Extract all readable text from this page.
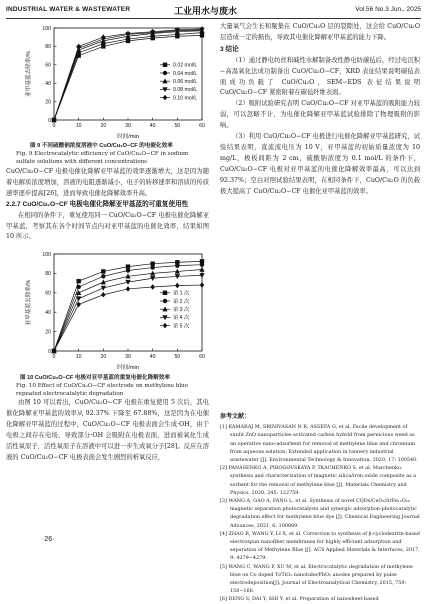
INDUSTRIAL WATER & WASTEWATER	工业用水与废水	Vol.56 No.3 Jun., 2025
0	10	20	30	40	50	60
0
20
40
60
80
100
时间/min
亚甲基蓝去除率/%	0.02 mol/L
0.04 mol/L
0.06 mol/L
0.08 mol/L
0.10 mol/L
图 9 不同硫酸钠浓度溶液中 CuO/Cu₂O−CF 的电催化效率
Fig. 9 Electrocatalytic efficiency of CuO/Cu₂O−CF in sodium sulfate solutions with different concentrations

CuO/Cu₂O−CF 电极电催化降解亚甲基蓝的效率逐渐增大，这是因为随着电解质浓度增加，溶液的电阻逐渐减小，电子的转移速率和溶质的传质速率逐步提高[26]，进而导致电催化降解效率升高。

2.2.7 CuO/Cu₂O−CF 电极电催化降解亚甲基蓝的可重复使用性

在相同的条件下，重复使用同一 CuO/Cu₂O−CF 电极电催化降解亚甲基蓝，考察其在各个时间节点内对亚甲基蓝的电催化效率，结果如图 10 所示。

0	10	20	30	40	50	60
0
20
40
60
80
100
时间/min
亚甲基蓝去除率/%	第 1 次
第 2 次
第 3 次
第 4 次
第 5 次
图 10 CuO/Cu₂O−CF 电极对亚甲基蓝的重复电催化降解效率
Fig. 10 Effect of CuO/Cu₂O−CF electrode on methylene blue repeated electrocatalytic degradation

由图 10 可以看出，CuO/Cu₂O−CF 电极在重复使用 5 次后，其电催化降解亚甲基蓝的效率从 92.37% 下降至 67.88%，这是因为在电催化降解亚甲基蓝的过程中，CuO/Cu₂O−CF 电极表面会生成·OH，由于电极之间存在电场，导致部分·OH 会吸附在电极表面，进而被氧化生成活性氧原子，活性氧原子在溶液中可以进一步生成氧分子[28]。反应在溶液的 CuO/Cu₂O−CF 电极表面会发生剧烈的析氧反应，

大量氧气会生长和聚集在 CuO/Cu₂O 层的裂隙处，这会给 CuO/Cu₂O 层造成一定的损伤，导致其电催化降解亚甲基蓝的能力下降。

3 结论

（1）通过静电纺丝和碱性水解制备改性静电纺碳毡后，经过电沉积−高温氧化法成功制备出 CuO/Cu₂O−CF，XRD 表征结果说明碳毡表面成功负载了 CuO/Cu₂O，SEM−EDS 表征结果说明 CuO/Cu₂O−CF 紧密附着在碳毡纤维表面。

（2）吸附试验研究表明 CuO/Cu₂O−CF 对亚甲基蓝的吸附能力较弱，可以忽略不计，为电催化降解亚甲基蓝试验排除了物理吸附的影响。

（3）利用 CuO/Cu₂O−CF 电极进行电催化降解亚甲基蓝研究，试验结果表明，直流流电压为 10 V，亚甲基蓝的初始质量浓度为 10 mg/L，极板间距为 2 cm，硫酸钠浓度为 0.1 mol/L 的条件下，CuO/Cu₂O−CF 电极对亚甲基蓝的电催化降解效率最高，可以达到 92.37%；空白对照试验结果表明，在相同条件下，CuO/Cu₂O 的负载极大提高了 CuO/Cu₂O−CF 电催化亚甲基蓝的效率。

参考文献：
[1] KAMARAJ M, SRINIVASAN N R, ASSEFA G, et al. Facile development of sunlit ZnO nanoparticles-activated carbon hybrid from pernicious weed as an operative nano-adsorbent for removal of methylene blue and chromium from aqueous solution; Extended application in tannery industrial wastewater [J]. Environmental Technology & Innovation, 2020, 17: 100540.
[2] PANASENKO A, PIROGOVSKAYA P, TKACHENKO S, et al. Marchenko, synthesis and characterization of magnetic silica/iron oxide composite as a sorbent for the removal of methylene blue [J]. Materials Chemistry and Physics, 2020, 245: 122759.
[3] WANG A, GAO A, FANG L, et al. Synthesis of novel CQDs/CeO₂/SrFe₁₂O₁₉ magnetic separation photocatalysts and synergic adsorption-photocatalytic degradation effect for methylene blue dye [J]. Chemical Engineering Journal Advances, 2021, 6: 100089.
[4] ZHAO R, WANG Y, LI X, et al. Correction to synthesis of β-cyclodextrin-based electrospun nanofiber membranes for highly efficient adsorption and separation of Methylene Blue [J]. ACS Applied Materials & Interfaces, 2017, 9: 4279−4279.
[5] WANG C, WANG F, XU M, et al. Electrocatalytic degradation of methylene blue on Co doped Ti/TiO₂ nanotube/PbO₂ anodes prepared by pulse electrodeposition[J]. Journal of Electroanalytical Chemistry, 2015, 759: 158−166.
[6] DENG S, DAI Y, SHI Y, et al. Preparation of nanosheet-based
·26·
